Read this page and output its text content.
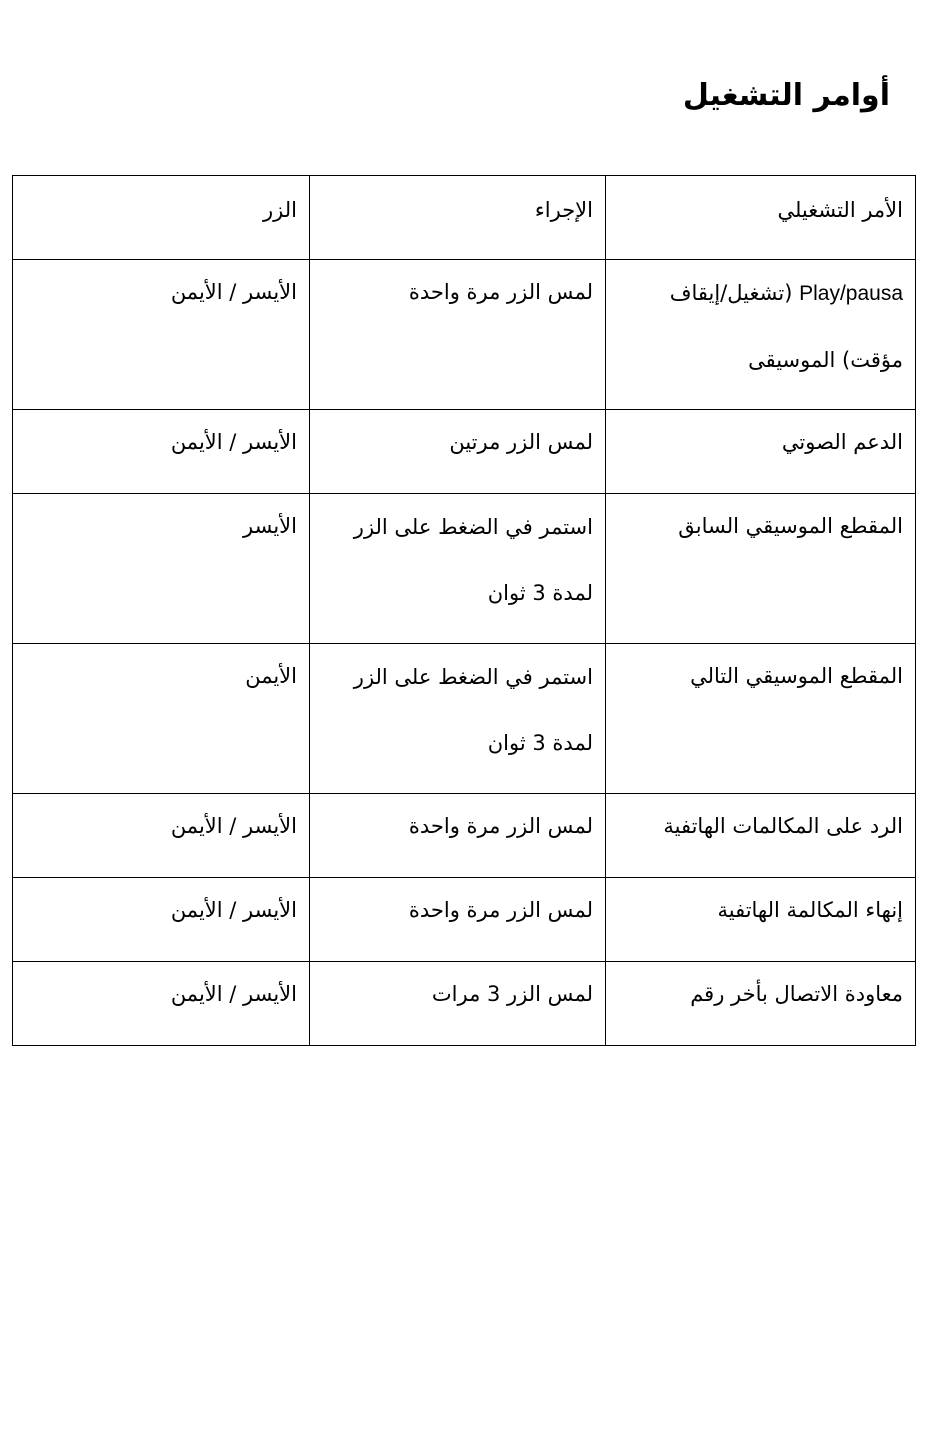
أوامر التشغيل
الأمر التشغيلي	الإجراء	الزر
Play/pausa (تشغيل/إيقاف مؤقت) الموسيقى	لمس الزر مرة واحدة	الأيسر / الأيمن
الدعم الصوتي	لمس الزر مرتين	الأيسر / الأيمن
المقطع الموسيقي السابق	استمر في الضغط على الزر لمدة 3 ثوان	الأيسر
المقطع الموسيقي التالي	استمر في الضغط على الزر لمدة 3 ثوان	الأيمن
الرد على المكالمات الهاتفية	لمس الزر مرة واحدة	الأيسر / الأيمن
إنهاء المكالمة الهاتفية	لمس الزر مرة واحدة	الأيسر / الأيمن
معاودة الاتصال بأخر رقم	لمس الزر 3 مرات	الأيسر / الأيمن
